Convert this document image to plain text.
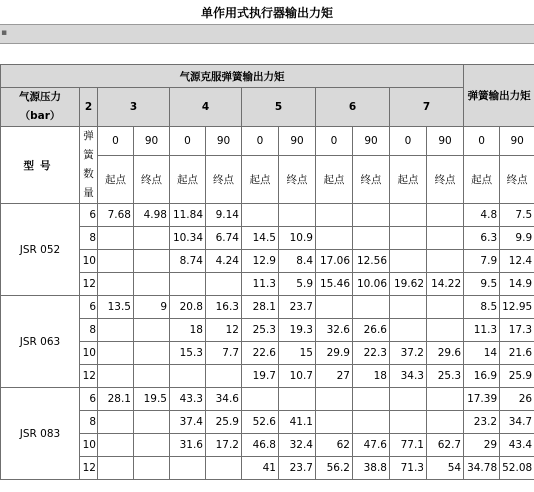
单作用式执行器输出力矩
▪
气源克服弹簧输出力矩												弹簧输出力矩	
气源压力
（bar）	2	3		4		5		6		7			
型号	弹
簧
数
量	0	90	0	90	0	90	0	90	0	90	0	90
		起点	终点	起点	终点	起点	终点	起点	终点	起点	终点	起点	终点
JSR 052	6	7.68	4.98	11.84	9.14							4.8	7.5
	8			10.34	6.74	14.5	10.9					6.3	9.9
	10			8.74	4.24	12.9	8.4	17.06	12.56			7.9	12.4
	12					11.3	5.9	15.46	10.06	19.62	14.22	9.5	14.9
JSR 063	6	13.5	9	20.8	16.3	28.1	23.7					8.5	12.95
	8			18	12	25.3	19.3	32.6	26.6			11.3	17.3
	10			15.3	7.7	22.6	15	29.9	22.3	37.2	29.6	14	21.6
	12					19.7	10.7	27	18	34.3	25.3	16.9	25.9
JSR 083	6	28.1	19.5	43.3	34.6							17.39	26
	8			37.4	25.9	52.6	41.1					23.2	34.7
	10			31.6	17.2	46.8	32.4	62	47.6	77.1	62.7	29	43.4
	12					41	23.7	56.2	38.8	71.3	54	34.78	52.08
